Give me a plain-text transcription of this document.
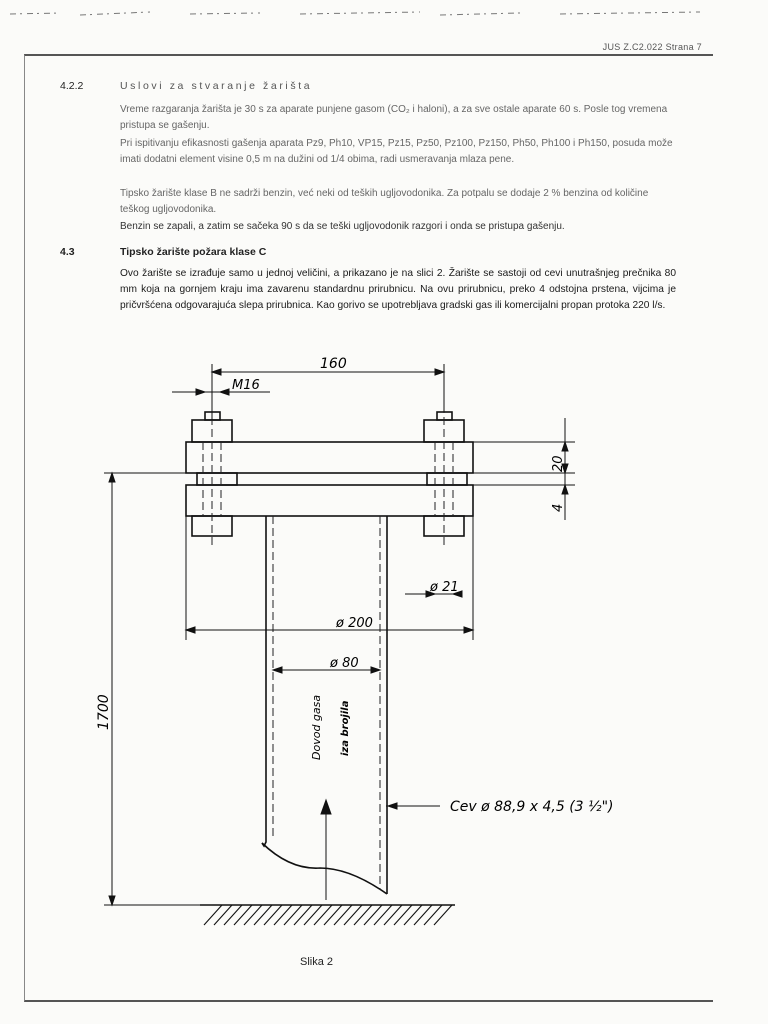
JUS Z.C2.022 Strana 7
4.2.2	Uslovi za stvaranje žarišta
Vreme razgaranja žarišta je 30 s za aparate punjene gasom (CO₂ i haloni), a za sve ostale aparate 60 s. Posle tog vremena pristupa se gašenju.
Pri ispitivanju efikasnosti gašenja aparata Pz9, Ph10, VP15, Pz15, Pz50, Pz100, Pz150, Ph50, Ph100 i Ph150, posuda može imati dodatni element visine 0,5 m na dužini od 1/4 obima, radi usmeravanja mlaza pene.
Tipsko žarište klase B ne sadrži benzin, već neki od teških ugljovodonika. Za potpalu se dodaje 2 % benzina od količine teškog ugljovodonika.
Benzin se zapali, a zatim se sačeka 90 s da se teški ugljovodonik razgori i onda se pristupa gašenju.
4.3	Tipsko žarište požara klase C
Ovo žarište se izrađuje samo u jednoj veličini, a prikazano je na slici 2. Žarište se sastoji od cevi unutrašnjeg prečnika 80 mm koja na gornjem kraju ima zavarenu standardnu prirubnicu. Na ovu prirubnicu, preko 4 odstojna prstena, vijcima je pričvršćena odgovarajuća slepa prirubnica. Kao gorivo se upotrebljava gradski gas ili komercijalni propan protoka 220 l/s.
160
M16
20
4
ø 21
ø 200
ø 80
1700	Dovod gasa iza brojila
Cev ø 88,9 x 4,5 (3 ½")
Slika 2
